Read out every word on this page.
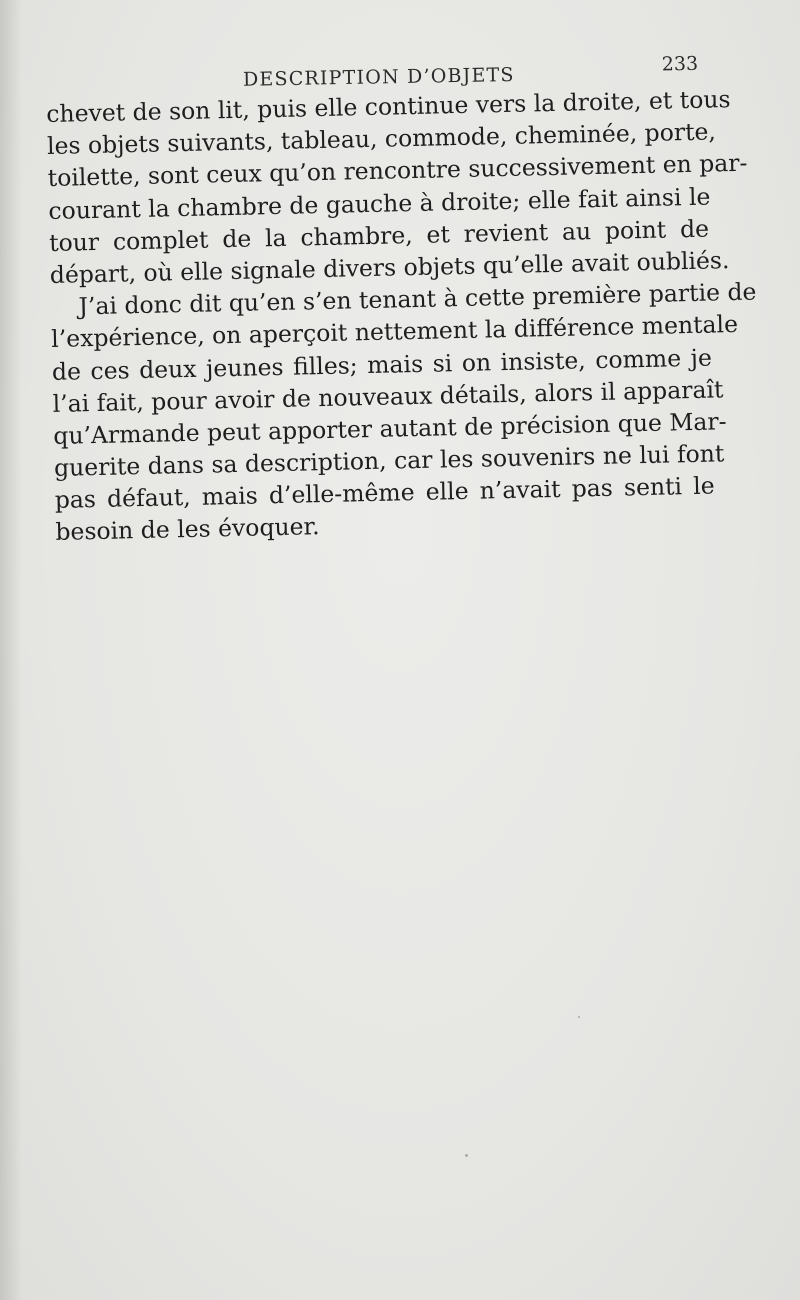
DESCRIPTION D’OBJETS	233
chevet de son lit, puis elle continue vers la droite, et tous
les objets suivants, tableau, commode, cheminée, porte,
toilette, sont ceux qu’on rencontre successivement en par-
courant la chambre de gauche à droite; elle fait ainsi le
tour complet de la chambre, et revient au point de
départ, où elle signale divers objets qu’elle avait oubliés.
J’ai donc dit qu’en s’en tenant à cette première partie de
l’expérience, on aperçoit nettement la différence mentale
de ces deux jeunes filles; mais si on insiste, comme je
l’ai fait, pour avoir de nouveaux détails, alors il apparaît
qu’Armande peut apporter autant de précision que Mar-
guerite dans sa description, car les souvenirs ne lui font
pas défaut, mais d’elle-même elle n’avait pas senti le
besoin de les évoquer.
